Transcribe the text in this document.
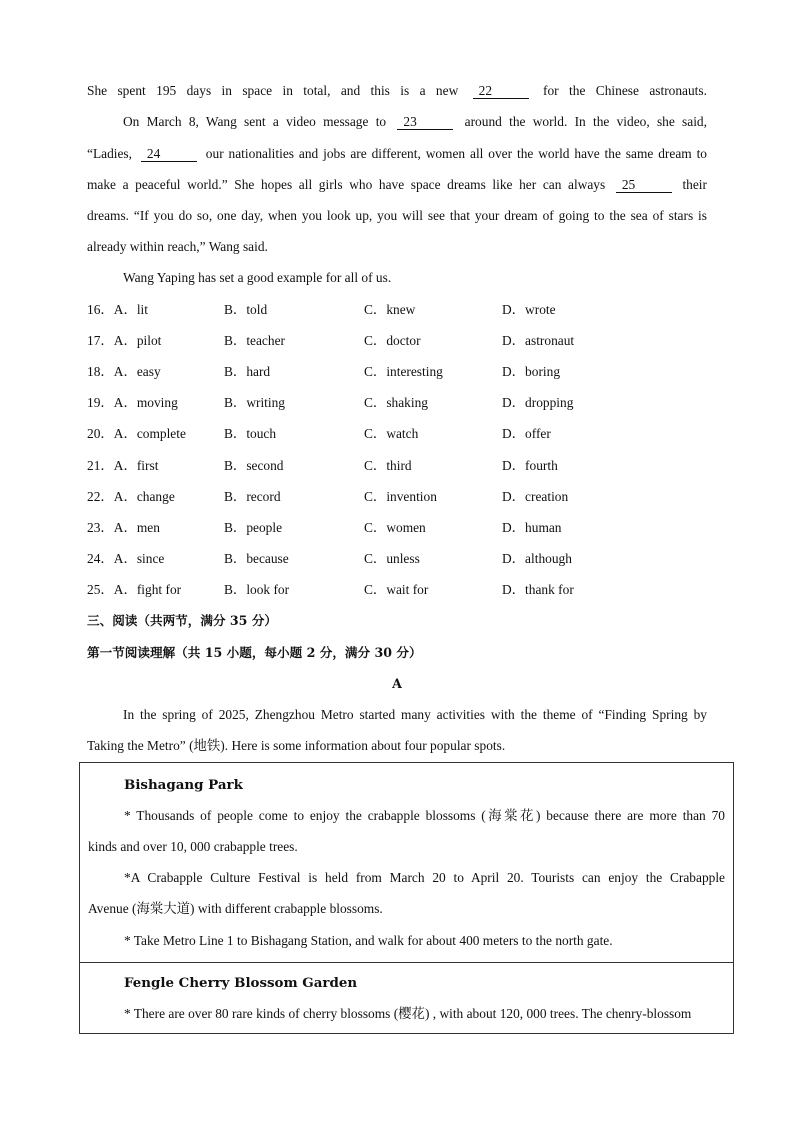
She spent 195 days in space in total, and this is a new 22	for the Chinese astronauts.
On March 8, Wang sent a video message to 23	around the world. In the video, she said,
“Ladies, 24	our nationalities and jobs are different, women all over the world have the same dream to
make a peaceful world.” She hopes all girls who have space dreams like her can always 25	their
dreams. “If you do so, one day, when you look up, you will see that your dream of going to the sea of stars is
already within reach,” Wang said.
Wang Yaping has set a good example for all of us.
16．A．lit	B．told	C．knew	D．wrote
17．A．pilot	B．teacher	C．doctor	D．astronaut
18．A．easy	B．hard	C．interesting	D．boring
19．A．moving	B．writing	C．shaking	D．dropping
20．A．complete	B．touch	C．watch	D．offer
21．A．first	B．second	C．third	D．fourth
22．A．change	B．record	C．invention	D．creation
23．A．men	B．people	C．women	D．human
24．A．since	B．because	C．unless	D．although
25．A．fight for	B．look for	C．wait for	D．thank for
三、阅读（共两节，满分 35 分）
第一节阅读理解（共 15 小题，每小题 2 分，满分 30 分）
A
In the spring of 2025, Zhengzhou Metro started many activities with the theme of “Finding Spring by
Taking the Metro” (地铁). Here is some information about four popular spots.
Bishagang Park
* Thousands of people come to enjoy the crabapple blossoms (海棠花) because there are more than 70
kinds and over 10, 000 crabapple trees.
*A Crabapple Culture Festival is held from March 20 to April 20. Tourists can enjoy the Crabapple
Avenue (海棠大道) with different crabapple blossoms.
* Take Metro Line 1 to Bishagang Station, and walk for about 400 meters to the north gate.
Fengle Cherry Blossom Garden
* There are over 80 rare kinds of cherry blossoms (樱花) , with about 120, 000 trees. The chenry-blossom
